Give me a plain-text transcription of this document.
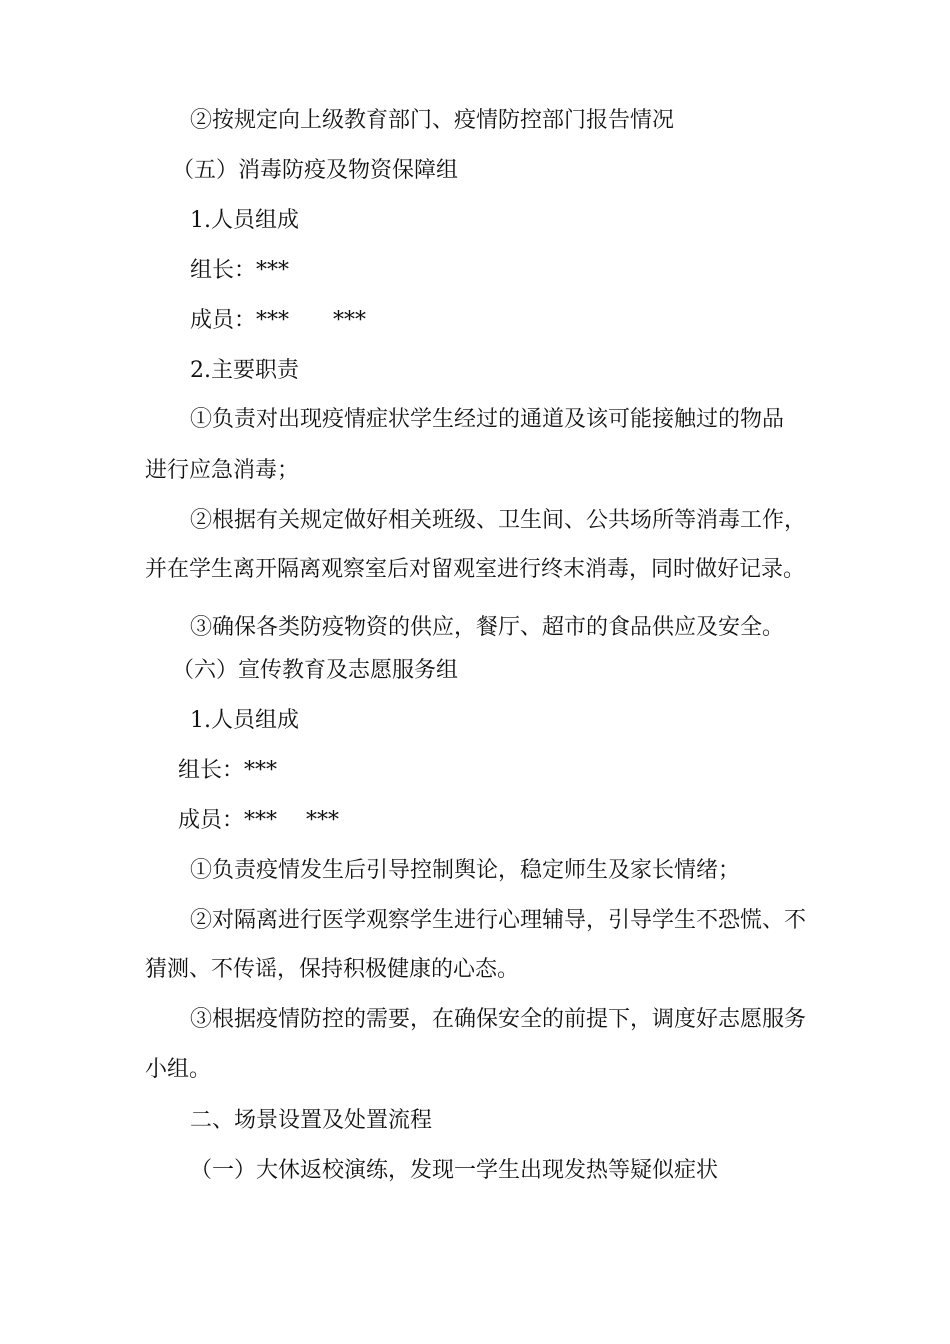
②按规定向上级教育部门、疫情防控部门报告情况
（五）消毒防疫及物资保障组
1.人员组成
组长：***
成员：***　　***
2.主要职责
①负责对出现疫情症状学生经过的通道及该可能接触过的物品
进行应急消毒；
②根据有关规定做好相关班级、卫生间、公共场所等消毒工作，
并在学生离开隔离观察室后对留观室进行终末消毒，同时做好记录。
③确保各类防疫物资的供应，餐厅、超市的食品供应及安全。
（六）宣传教育及志愿服务组
1.人员组成
组长：***
成员：***　 ***
①负责疫情发生后引导控制舆论，稳定师生及家长情绪；
②对隔离进行医学观察学生进行心理辅导，引导学生不恐慌、不
猜测、不传谣，保持积极健康的心态。
③根据疫情防控的需要，在确保安全的前提下，调度好志愿服务
小组。
二、场景设置及处置流程
（一）大休返校演练，发现一学生出现发热等疑似症状
